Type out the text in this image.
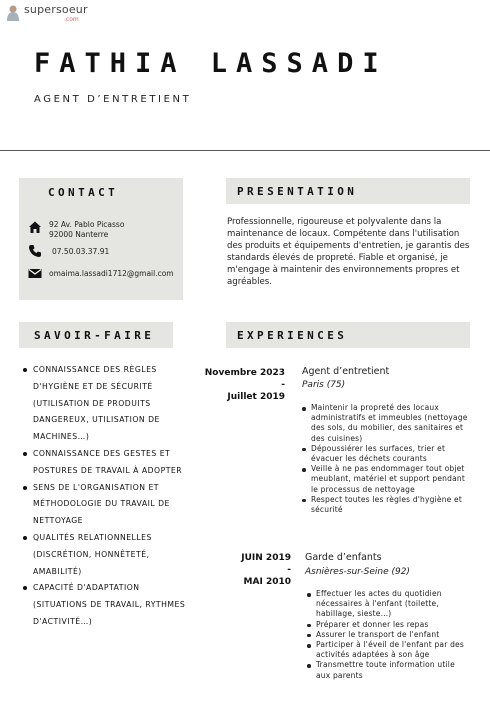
supersoeur
.com
FATHIA LASSADI
AGENT D’ENTRETIENT
CONTACT
92 Av. Pablo Picasso
92000 Nanterre
07.50.03.37.91
omaima.lassadi1712@gmail.com
PRESENTATION

Professionnelle, rigoureuse et polyvalente dans la maintenance de locaux. Compétente dans l'utilisation des produits et équipements d'entretien, je garantis des standards élevés de propreté. Fiable et organisé, je m'engage à maintenir des environnements propres et agréables.

SAVOIR-FAIRE
CONNAISSANCE DES RÈGLES D'HYGIÈNE ET DE SÉCURITÉ (UTILISATION DE PRODUITS DANGEREUX, UTILISATION DE MACHINES…)
CONNAISSANCE DES GESTES ET POSTURES DE TRAVAIL À ADOPTER
SENS DE L'ORGANISATION ET MÉTHODOLOGIE DU TRAVAIL DE NETTOYAGE
QUALITÉS RELATIONNELLES (DISCRÉTION, HONNÊTETÉ, AMABILITÉ)
CAPACITÉ D'ADAPTATION (SITUATIONS DE TRAVAIL, RYTHMES D'ACTIVITÉ…)
EXPERIENCES
Novembre 2023
-
Juillet 2019
Agent d’entretient
Paris (75)
Maintenir la propreté des locaux administratifs et immeubles (nettoyage des sols, du mobilier, des sanitaires et des cuisines)
Dépoussiérer les surfaces, trier et évacuer les déchets courants
Veille à ne pas endommager tout objet meublant, matériel et support pendant le processus de nettoyage
Respect toutes les règles d'hygiène et sécurité
JUIN 2019
-
MAI 2010
Garde d’enfants
Asnières-sur-Seine (92)
Effectuer les actes du quotidien nécessaires à l'enfant (toilette, habillage, sieste…)
Préparer et donner les repas
Assurer le transport de l'enfant
Participer à l'éveil de l'enfant par des activités adaptées à son âge
Transmettre toute information utile aux parents
